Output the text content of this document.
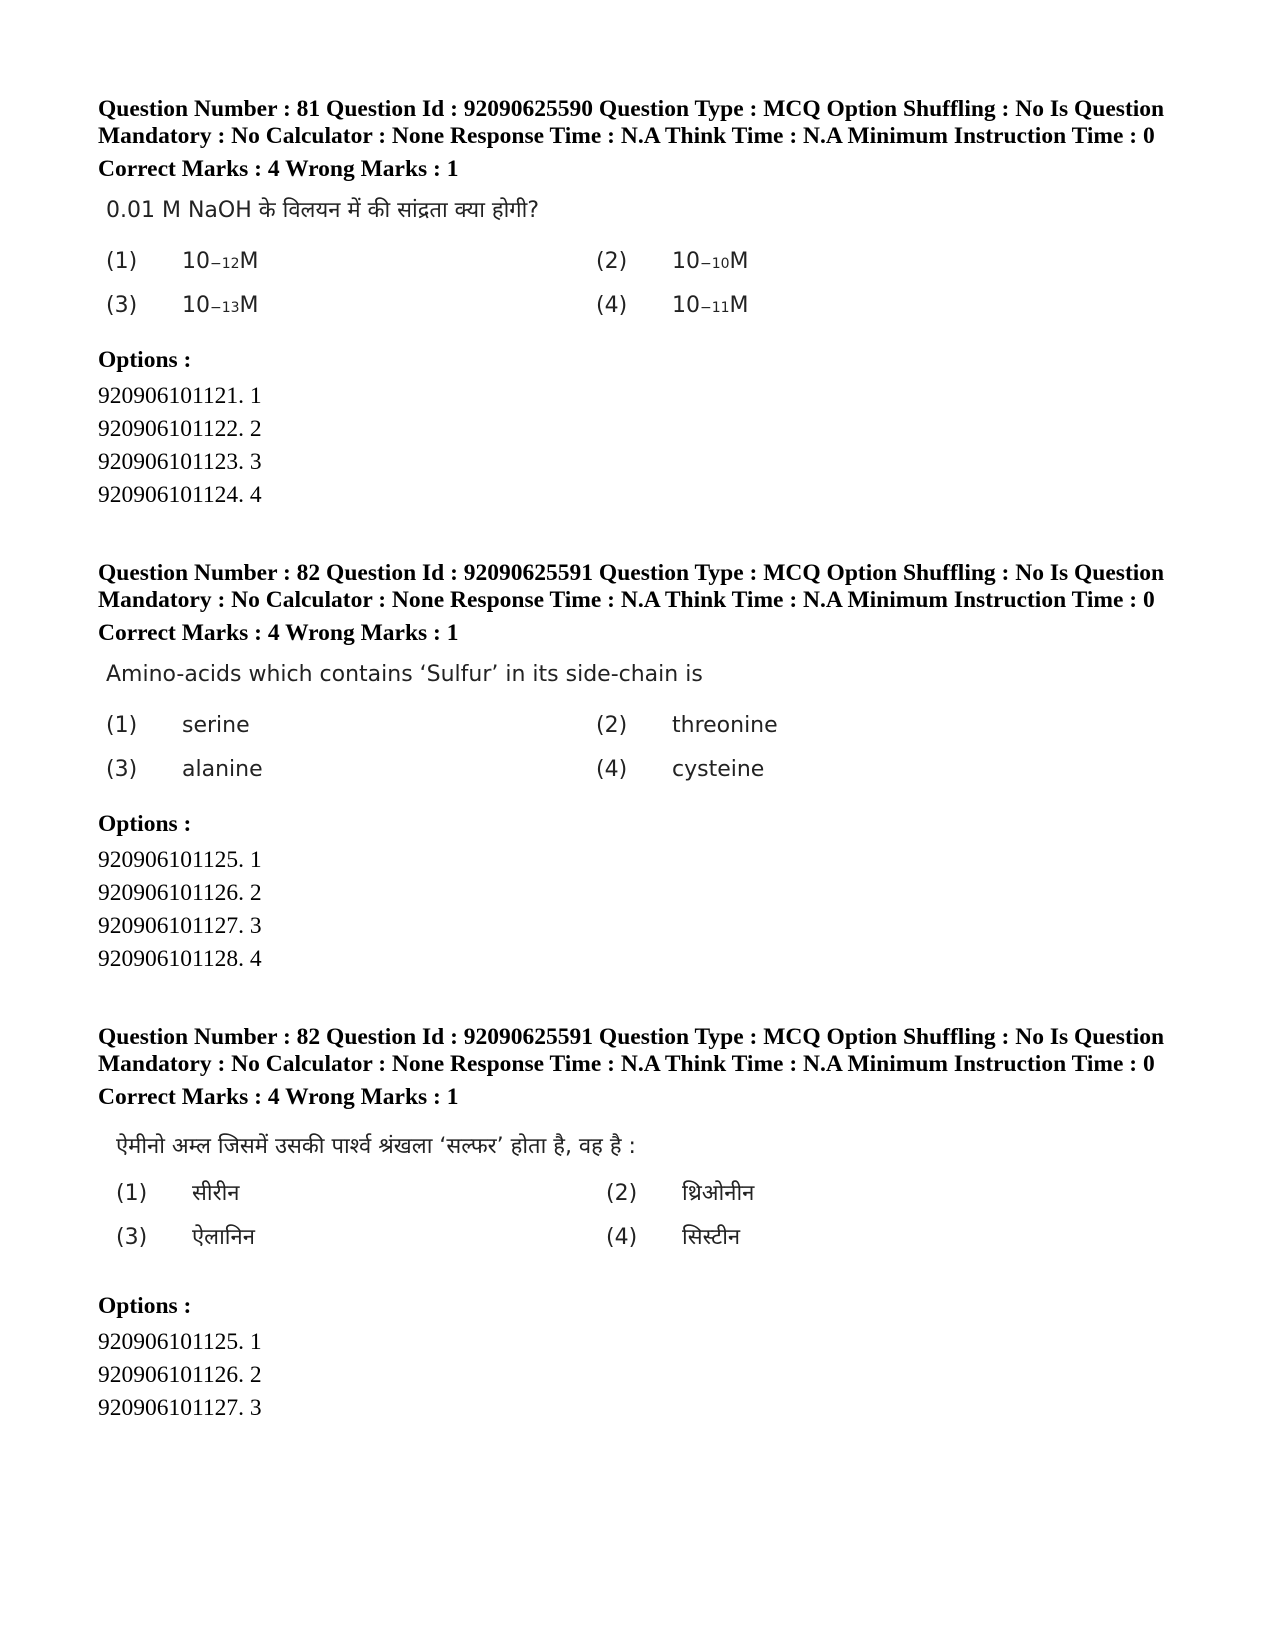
Question Number : 81 Question Id : 92090625590 Question Type : MCQ Option Shuffling : No Is Question Mandatory : No Calculator : None Response Time : N.A Think Time : N.A Minimum Instruction Time : 0

Correct Marks : 4 Wrong Marks : 1
0.01 M NaOH के विलयन में की सांद्रता क्या होगी?
(1)	10 −12 M	(2)	10 −10 M
(3)	10 −13 M	(4)	10 −11 M
Options :
920906101121. 1
920906101122. 2
920906101123. 3
920906101124. 4

Question Number : 82 Question Id : 92090625591 Question Type : MCQ Option Shuffling : No Is Question Mandatory : No Calculator : None Response Time : N.A Think Time : N.A Minimum Instruction Time : 0

Correct Marks : 4 Wrong Marks : 1
Amino-acids which contains ‘Sulfur’ in its side-chain is
(1)	serine	(2)	threonine
(3)	alanine	(4)	cysteine
Options :
920906101125. 1
920906101126. 2
920906101127. 3
920906101128. 4

Question Number : 82 Question Id : 92090625591 Question Type : MCQ Option Shuffling : No Is Question Mandatory : No Calculator : None Response Time : N.A Think Time : N.A Minimum Instruction Time : 0

Correct Marks : 4 Wrong Marks : 1
ऐमीनो अम्ल जिसमें उसकी पार्श्व श्रंखला ‘सल्फर’ होता है, वह है :
(1)	सीरीन	(2)	थ्रिओनीन
(3)	ऐलानिन	(4)	सिस्टीन
Options :
920906101125. 1
920906101126. 2
920906101127. 3
